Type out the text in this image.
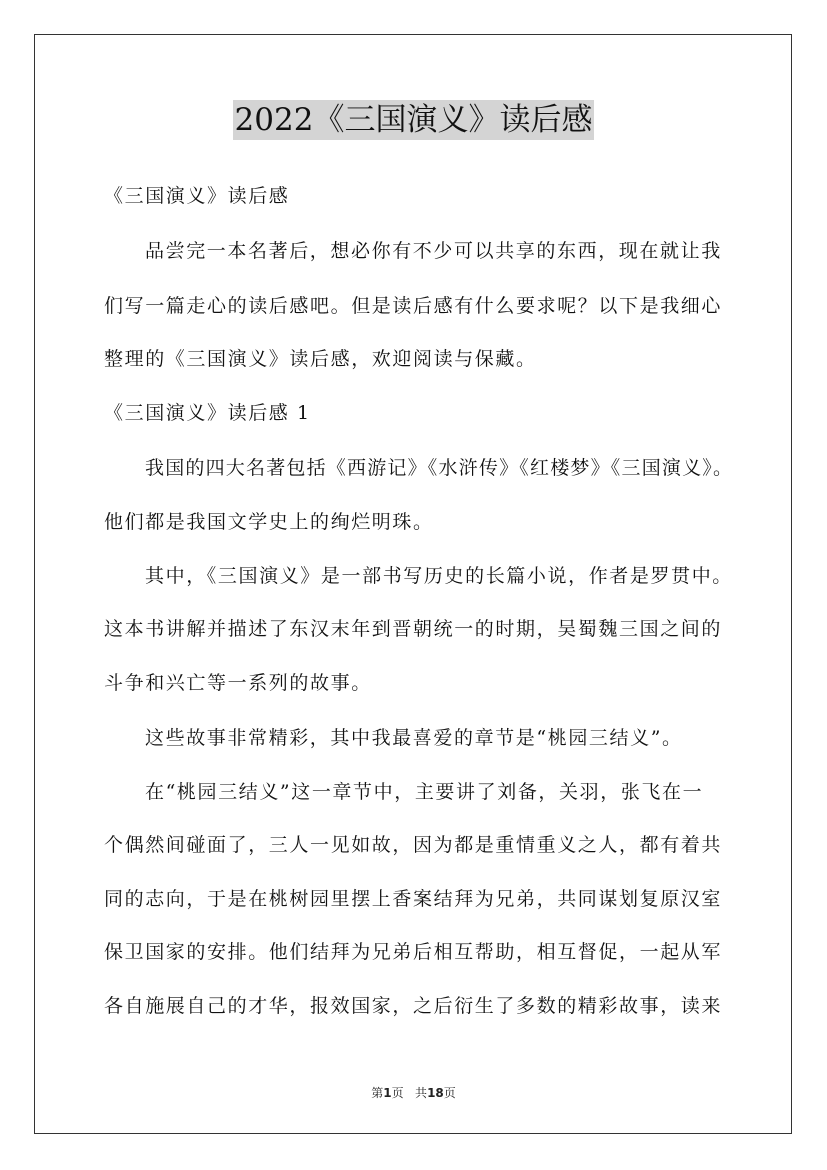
2022《三国演义》读后感
《三国演义》读后感
品尝完一本名著后，想必你有不少可以共享的东西，现在就让我
们写一篇走心的读后感吧。但是读后感有什么要求呢？以下是我细心
整理的《三国演义》读后感，欢迎阅读与保藏。
《三国演义》读后感 1
我国的四大名著包括《西游记》《水浒传》《红楼梦》《三国演义》。
他们都是我国文学史上的绚烂明珠。
其中，《三国演义》是一部书写历史的长篇小说，作者是罗贯中。
这本书讲解并描述了东汉末年到晋朝统一的时期，吴蜀魏三国之间的
斗争和兴亡等一系列的故事。
这些故事非常精彩，其中我最喜爱的章节是“桃园三结义”。
在“桃园三结义”这一章节中，主要讲了刘备，关羽，张飞在一
个偶然间碰面了，三人一见如故，因为都是重情重义之人，都有着共
同的志向，于是在桃树园里摆上香案结拜为兄弟，共同谋划复原汉室
保卫国家的安排。他们结拜为兄弟后相互帮助，相互督促，一起从军
各自施展自己的才华，报效国家，之后衍生了多数的精彩故事，读来
第1页 共18页
